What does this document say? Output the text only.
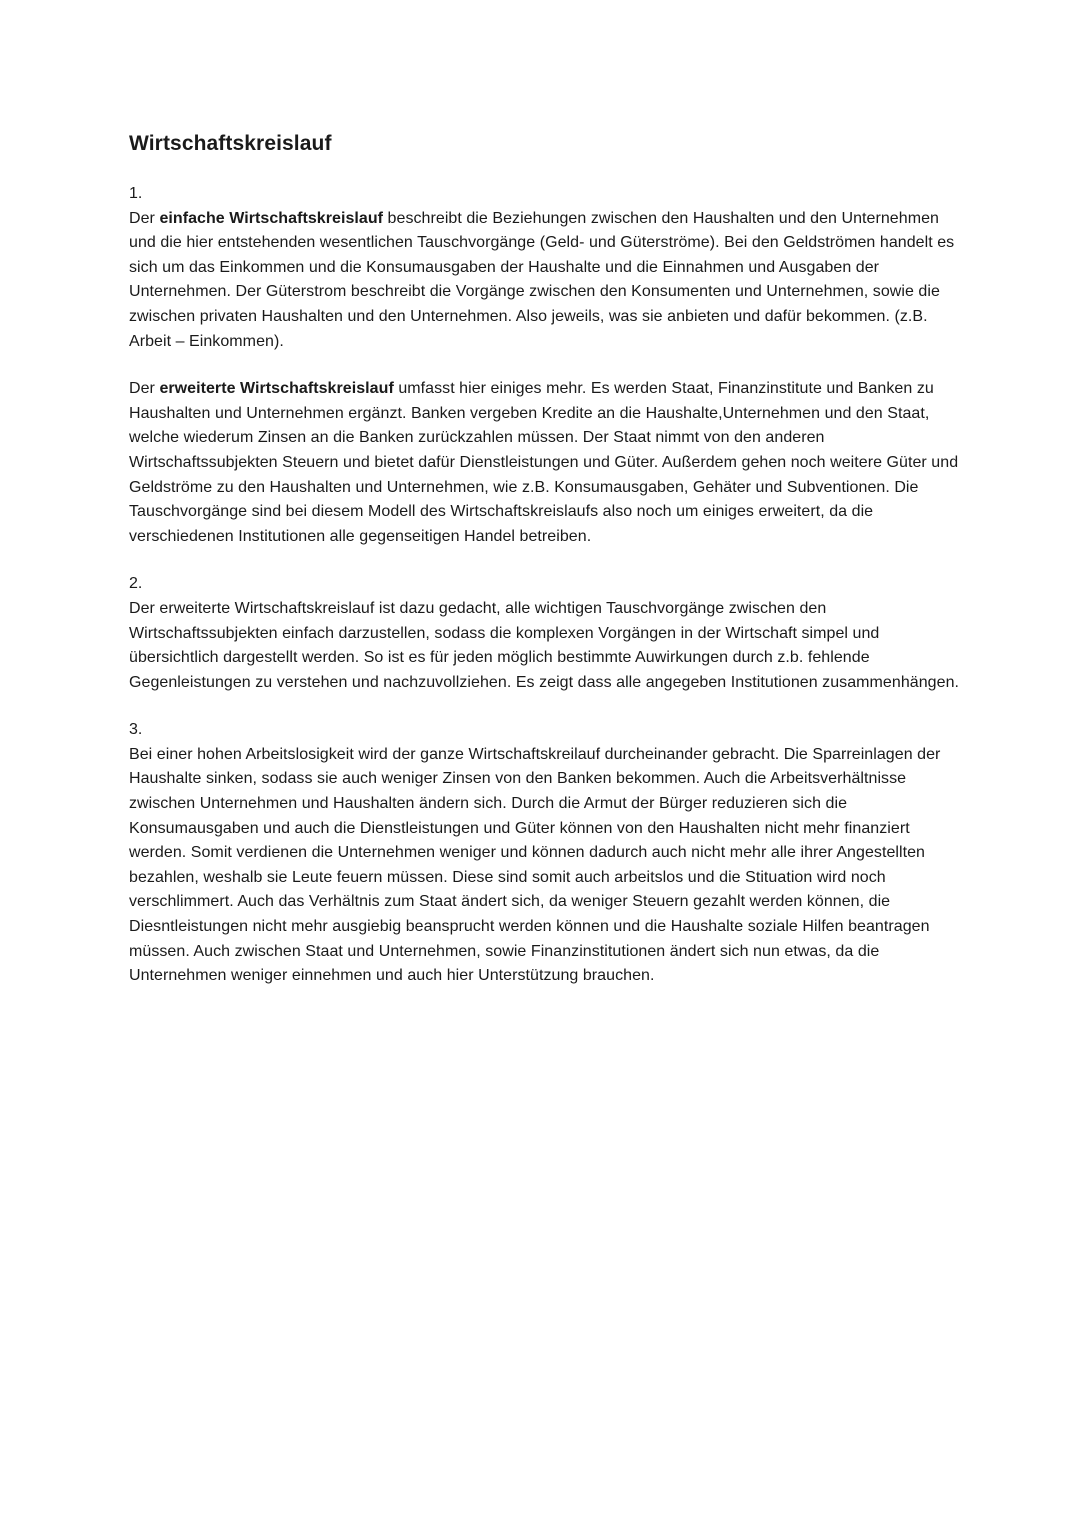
Wirtschaftskreislauf

1.

Der einfache Wirtschaftskreislauf beschreibt die Beziehungen zwischen den Haushalten und den Unternehmen und die hier entstehenden wesentlichen Tauschvorgänge (Geld- und Güterströme). Bei den Geldströmen handelt es sich um das Einkommen und die Konsumausgaben der Haushalte und die Einnahmen und Ausgaben der Unternehmen. Der Güterstrom beschreibt die Vorgänge zwischen den Konsumenten und Unternehmen, sowie die zwischen privaten Haushalten und den Unternehmen. Also jeweils, was sie anbieten und dafür bekommen. (z.B. Arbeit – Einkommen).

Der erweiterte Wirtschaftskreislauf umfasst hier einiges mehr. Es werden Staat, Finanzinstitute und Banken zu Haushalten und Unternehmen ergänzt. Banken vergeben Kredite an die Haushalte,Unternehmen und den Staat, welche wiederum Zinsen an die Banken zurückzahlen müssen. Der Staat nimmt von den anderen Wirtschaftssubjekten Steuern und bietet dafür Dienstleistungen und Güter. Außerdem gehen noch weitere Güter und Geldströme zu den Haushalten und Unternehmen, wie z.B. Konsumausgaben, Gehäter und Subventionen. Die Tauschvorgänge sind bei diesem Modell des Wirtschaftskreislaufs also noch um einiges erweitert, da die verschiedenen Institutionen alle gegenseitigen Handel betreiben.

2.

Der erweiterte Wirtschaftskreislauf ist dazu gedacht, alle wichtigen Tauschvorgänge zwischen den Wirtschaftssubjekten einfach darzustellen, sodass die komplexen Vorgängen in der Wirtschaft simpel und übersichtlich dargestellt werden. So ist es für jeden möglich bestimmte Auwirkungen durch z.b. fehlende Gegenleistungen zu verstehen und nachzuvollziehen. Es zeigt dass alle angegeben Institutionen zusammenhängen.

3.

Bei einer hohen Arbeitslosigkeit wird der ganze Wirtschaftskreilauf durcheinander gebracht. Die Sparreinlagen der Haushalte sinken, sodass sie auch weniger Zinsen von den Banken bekommen. Auch die Arbeitsverhältnisse zwischen Unternehmen und Haushalten ändern sich. Durch die Armut der Bürger reduzieren sich die Konsumausgaben und auch die Dienstleistungen und Güter können von den Haushalten nicht mehr finanziert werden. Somit verdienen die Unternehmen weniger und können dadurch auch nicht mehr alle ihrer Angestellten bezahlen, weshalb sie Leute feuern müssen. Diese sind somit auch arbeitslos und die Stituation wird noch verschlimmert. Auch das Verhältnis zum Staat ändert sich, da weniger Steuern gezahlt werden können, die Diesntleistungen nicht mehr ausgiebig beansprucht werden können und die Haushalte soziale Hilfen beantragen müssen. Auch zwischen Staat und Unternehmen, sowie Finanzinstitutionen ändert sich nun etwas, da die Unternehmen weniger einnehmen und auch hier Unterstützung brauchen.
